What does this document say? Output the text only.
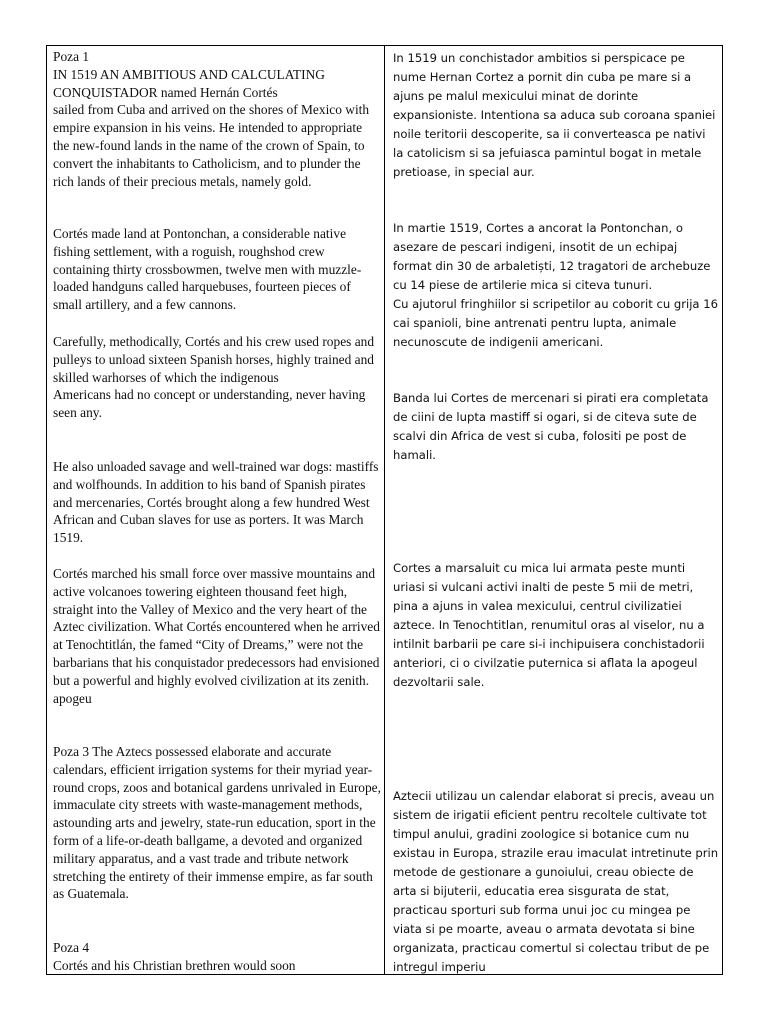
Poza 1
IN 1519 AN AMBITIOUS AND CALCULATING CONQUISTADOR named Hernán Cortés
sailed from Cuba and arrived on the shores of Mexico with empire expansion in his veins. He intended to appropriate the new-found lands in the name of the crown of Spain, to convert the inhabitants to Catholicism, and to plunder the rich lands of their precious metals, namely gold.
Cortés made land at Pontonchan, a considerable native fishing settlement, with a roguish, roughshod crew containing thirty crossbowmen, twelve men with muzzle-loaded handguns called harquebuses, fourteen pieces of small artillery, and a few cannons.
Carefully, methodically, Cortés and his crew used ropes and pulleys to unload sixteen Spanish horses, highly trained and skilled warhorses of which the indigenous
Americans had no concept or understanding, never having seen any.
He also unloaded savage and well-trained war dogs: mastiffs and wolfhounds. In addition to his band of Spanish pirates and mercenaries, Cortés brought along a few hundred West African and Cuban slaves for use as porters. It was March 1519.
Cortés marched his small force over massive mountains and active volcanoes towering eighteen thousand feet high, straight into the Valley of Mexico and the very heart of the Aztec civilization. What Cortés encountered when he arrived at Tenochtitlán, the famed “City of Dreams,” were not the barbarians that his conquistador predecessors had envisioned but a powerful and highly evolved civilization at its zenith. apogeu
Poza 3 The Aztecs possessed elaborate and accurate calendars, efficient irrigation systems for their myriad year-round crops, zoos and botanical gardens unrivaled in Europe, immaculate city streets with waste-management methods, astounding arts and jewelry, state-run education, sport in the form of a life-or-death ballgame, a devoted and organized military apparatus, and a vast trade and tribute network stretching the entirety of their immense empire, as far south as Guatemala.
Poza 4
Cortés and his Christian brethren would soon
In 1519 un conchistador ambitios si perspicace pe nume Hernan Cortez a pornit din cuba pe mare si a ajuns pe malul mexicului minat de dorinte expansioniste. Intentiona sa aduca sub coroana spaniei noile teritorii descoperite, sa ii converteasca pe nativi la catolicism si sa jefuiasca pamintul bogat in metale pretioase, in special aur.
In martie 1519, Cortes a ancorat la Pontonchan, o asezare de pescari indigeni, insotit de un echipaj format din 30 de arbaletiști, 12 tragatori de archebuze cu 14 piese de artilerie mica si citeva tunuri.
Cu ajutorul fringhiilor si scripetilor au coborit cu grija 16 cai spanioli, bine antrenati pentru lupta, animale necunoscute de indigenii americani.
Banda lui Cortes de mercenari si pirati era completata de ciini de lupta mastiff si ogari, si de citeva sute de scalvi din Africa de vest si cuba, folositi pe post de hamali.
Cortes a marsaluit cu mica lui armata peste munti uriasi si vulcani activi inalti de peste 5 mii de metri, pina a ajuns in valea mexicului, centrul civilizatiei aztece. In Tenochtitlan, renumitul oras al viselor, nu a intilnit barbarii pe care si-i inchipuisera conchistadorii anteriori, ci o civilzatie puternica si aflata la apogeul dezvoltarii sale.
Aztecii utilizau un calendar elaborat si precis, aveau un sistem de irigatii eficient pentru recoltele cultivate tot timpul anului, gradini zoologice si botanice cum nu existau in Europa, strazile erau imaculat intretinute prin metode de gestionare a gunoiului, creau obiecte de arta si bijuterii, educatia erea sisgurata de stat, practicau sporturi sub forma unui joc cu mingea pe viata si pe moarte, aveau o armata devotata si bine organizata, practicau comertul si colectau tribut de pe intregul imperiu
